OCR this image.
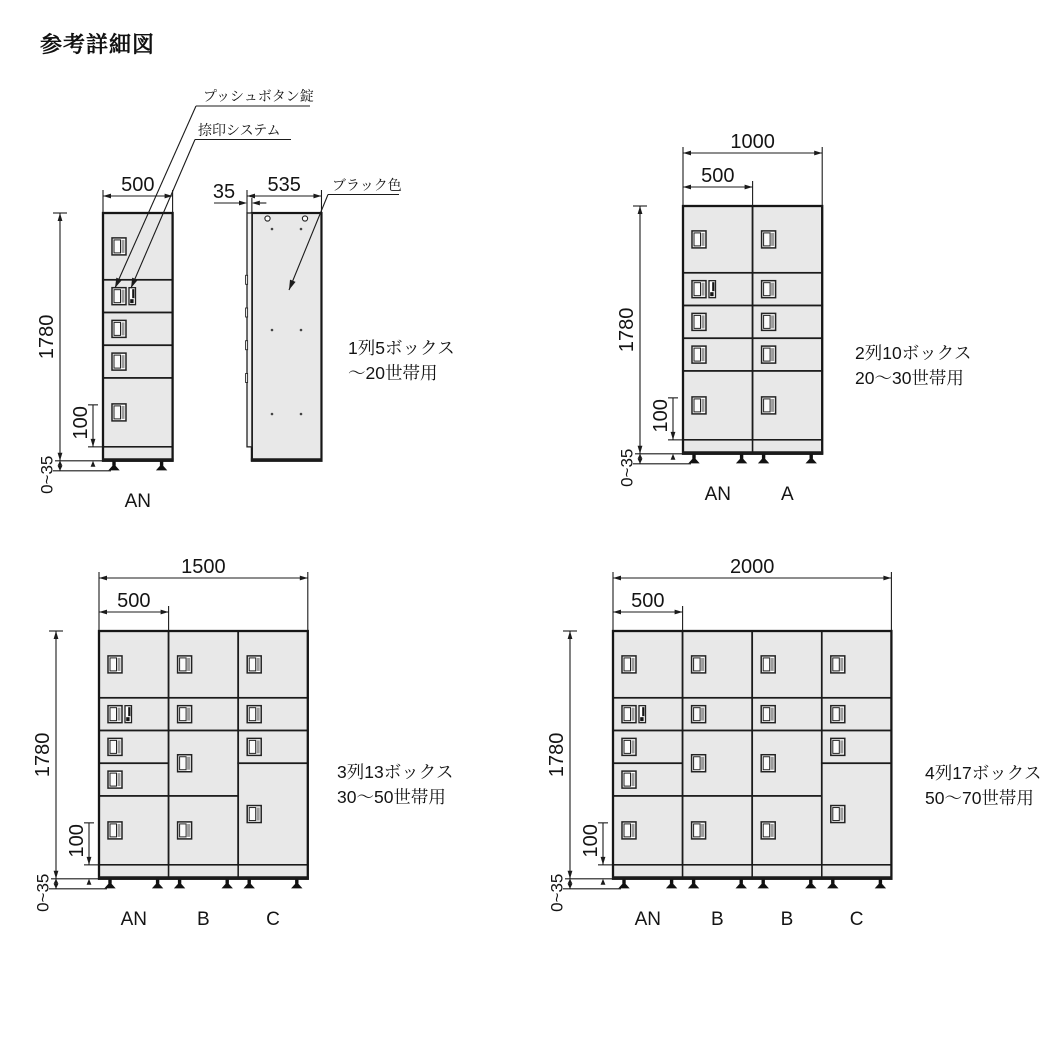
参考詳細図
500
1780
0~35
100
AN
1列5ボックス
〜20世帯用
535
35
プッシュボタン錠
捺印システム
ブラック色
1000
500
1780
0~35
100
AN	A
2列10ボックス
20〜30世帯用
1500
500
1780
0~35
100
AN	B	C
3列13ボックス
30〜50世帯用
2000
500
1780
0~35
100
AN	B	B	C
4列17ボックス
50〜70世帯用
